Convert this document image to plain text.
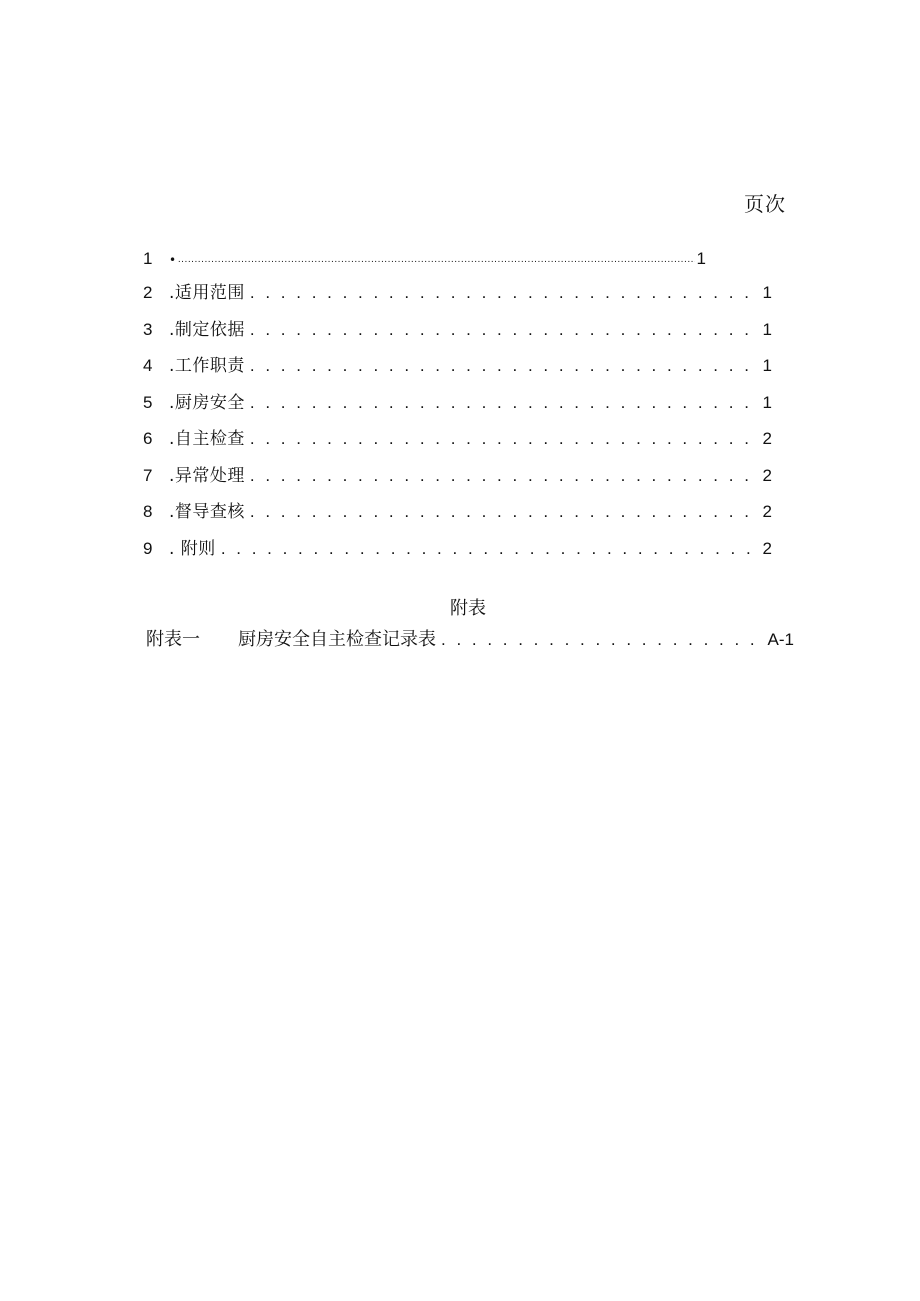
页次
1	• ·····	1
2 .适用范围 . . .	1
3 .制定依据 . . .	1
4 .工作职责 . . .	1
5 .厨房安全 . . .	1
6 .自主检查 . . .	2
7 .异常处理 . . .	2
8 .督导查核 . . .	2
9 . 附则 . . .	2
附表
附表一	厨房安全自主检查记录表 . . .	A-1
